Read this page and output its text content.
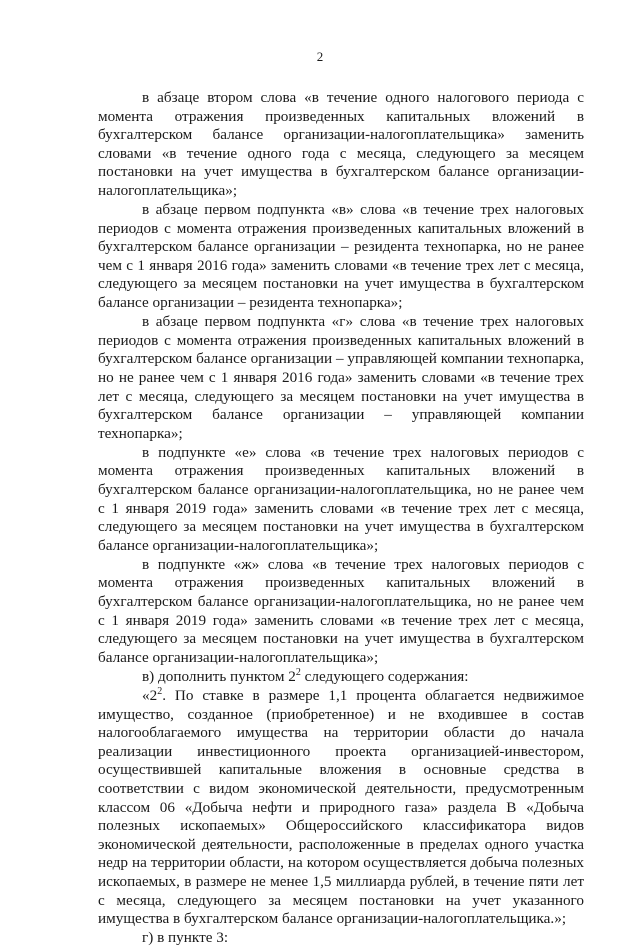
2

в абзаце втором слова «в течение одного налогового периода с момента отражения произведенных капитальных вложений в бухгалтерском балансе организации-налогоплательщика» заменить словами «в течение одного года с месяца, следующего за месяцем постановки на учет имущества в бухгалтерском балансе организации-налогоплательщика»;

в абзаце первом подпункта «в» слова «в течение трех налоговых периодов с момента отражения произведенных капитальных вложений в бухгалтерском балансе организации – резидента технопарка, но не ранее чем с 1 января 2016 года» заменить словами «в течение трех лет с месяца, следующего за месяцем постановки на учет имущества в бухгалтерском балансе организации – резидента технопарка»;

в абзаце первом подпункта «г» слова «в течение трех налоговых периодов с момента отражения произведенных капитальных вложений в бухгалтерском балансе организации – управляющей компании технопарка, но не ранее чем с 1 января 2016 года» заменить словами «в течение трех лет с месяца, следующего за месяцем постановки на учет имущества в бухгалтерском балансе организации – управляющей компании технопарка»;

в подпункте «е» слова «в течение трех налоговых периодов с момента отражения произведенных капитальных вложений в бухгалтерском балансе организации-налогоплательщика, но не ранее чем с 1 января 2019 года» заменить словами «в течение трех лет с месяца, следующего за месяцем постановки на учет имущества в бухгалтерском балансе организации-налогоплательщика»;

в подпункте «ж» слова «в течение трех налоговых периодов с момента отражения произведенных капитальных вложений в бухгалтерском балансе организации-налогоплательщика, но не ранее чем с 1 января 2019 года» заменить словами «в течение трех лет с месяца, следующего за месяцем постановки на учет имущества в бухгалтерском балансе организации-налогоплательщика»;

в) дополнить пунктом $2^2$ следующего содержания:

«$2^2$. По ставке в размере 1,1 процента облагается недвижимое имущество, созданное (приобретенное) и не входившее в состав налогооблагаемого имущества на территории области до начала реализации инвестиционного проекта организацией-инвестором, осуществившей капитальные вложения в основные средства в соответствии с видом экономической деятельности, предусмотренным классом 06 «Добыча нефти и природного газа» раздела В «Добыча полезных ископаемых» Общероссийского классификатора видов экономической деятельности, расположенные в пределах одного участка недр на территории области, на котором осуществляется добыча полезных ископаемых, в размере не менее 1,5 миллиарда рублей, в течение пяти лет с месяца, следующего за месяцем постановки на учет указанного имущества в бухгалтерском балансе организации-налогоплательщика.»;

г) в пункте 3:
